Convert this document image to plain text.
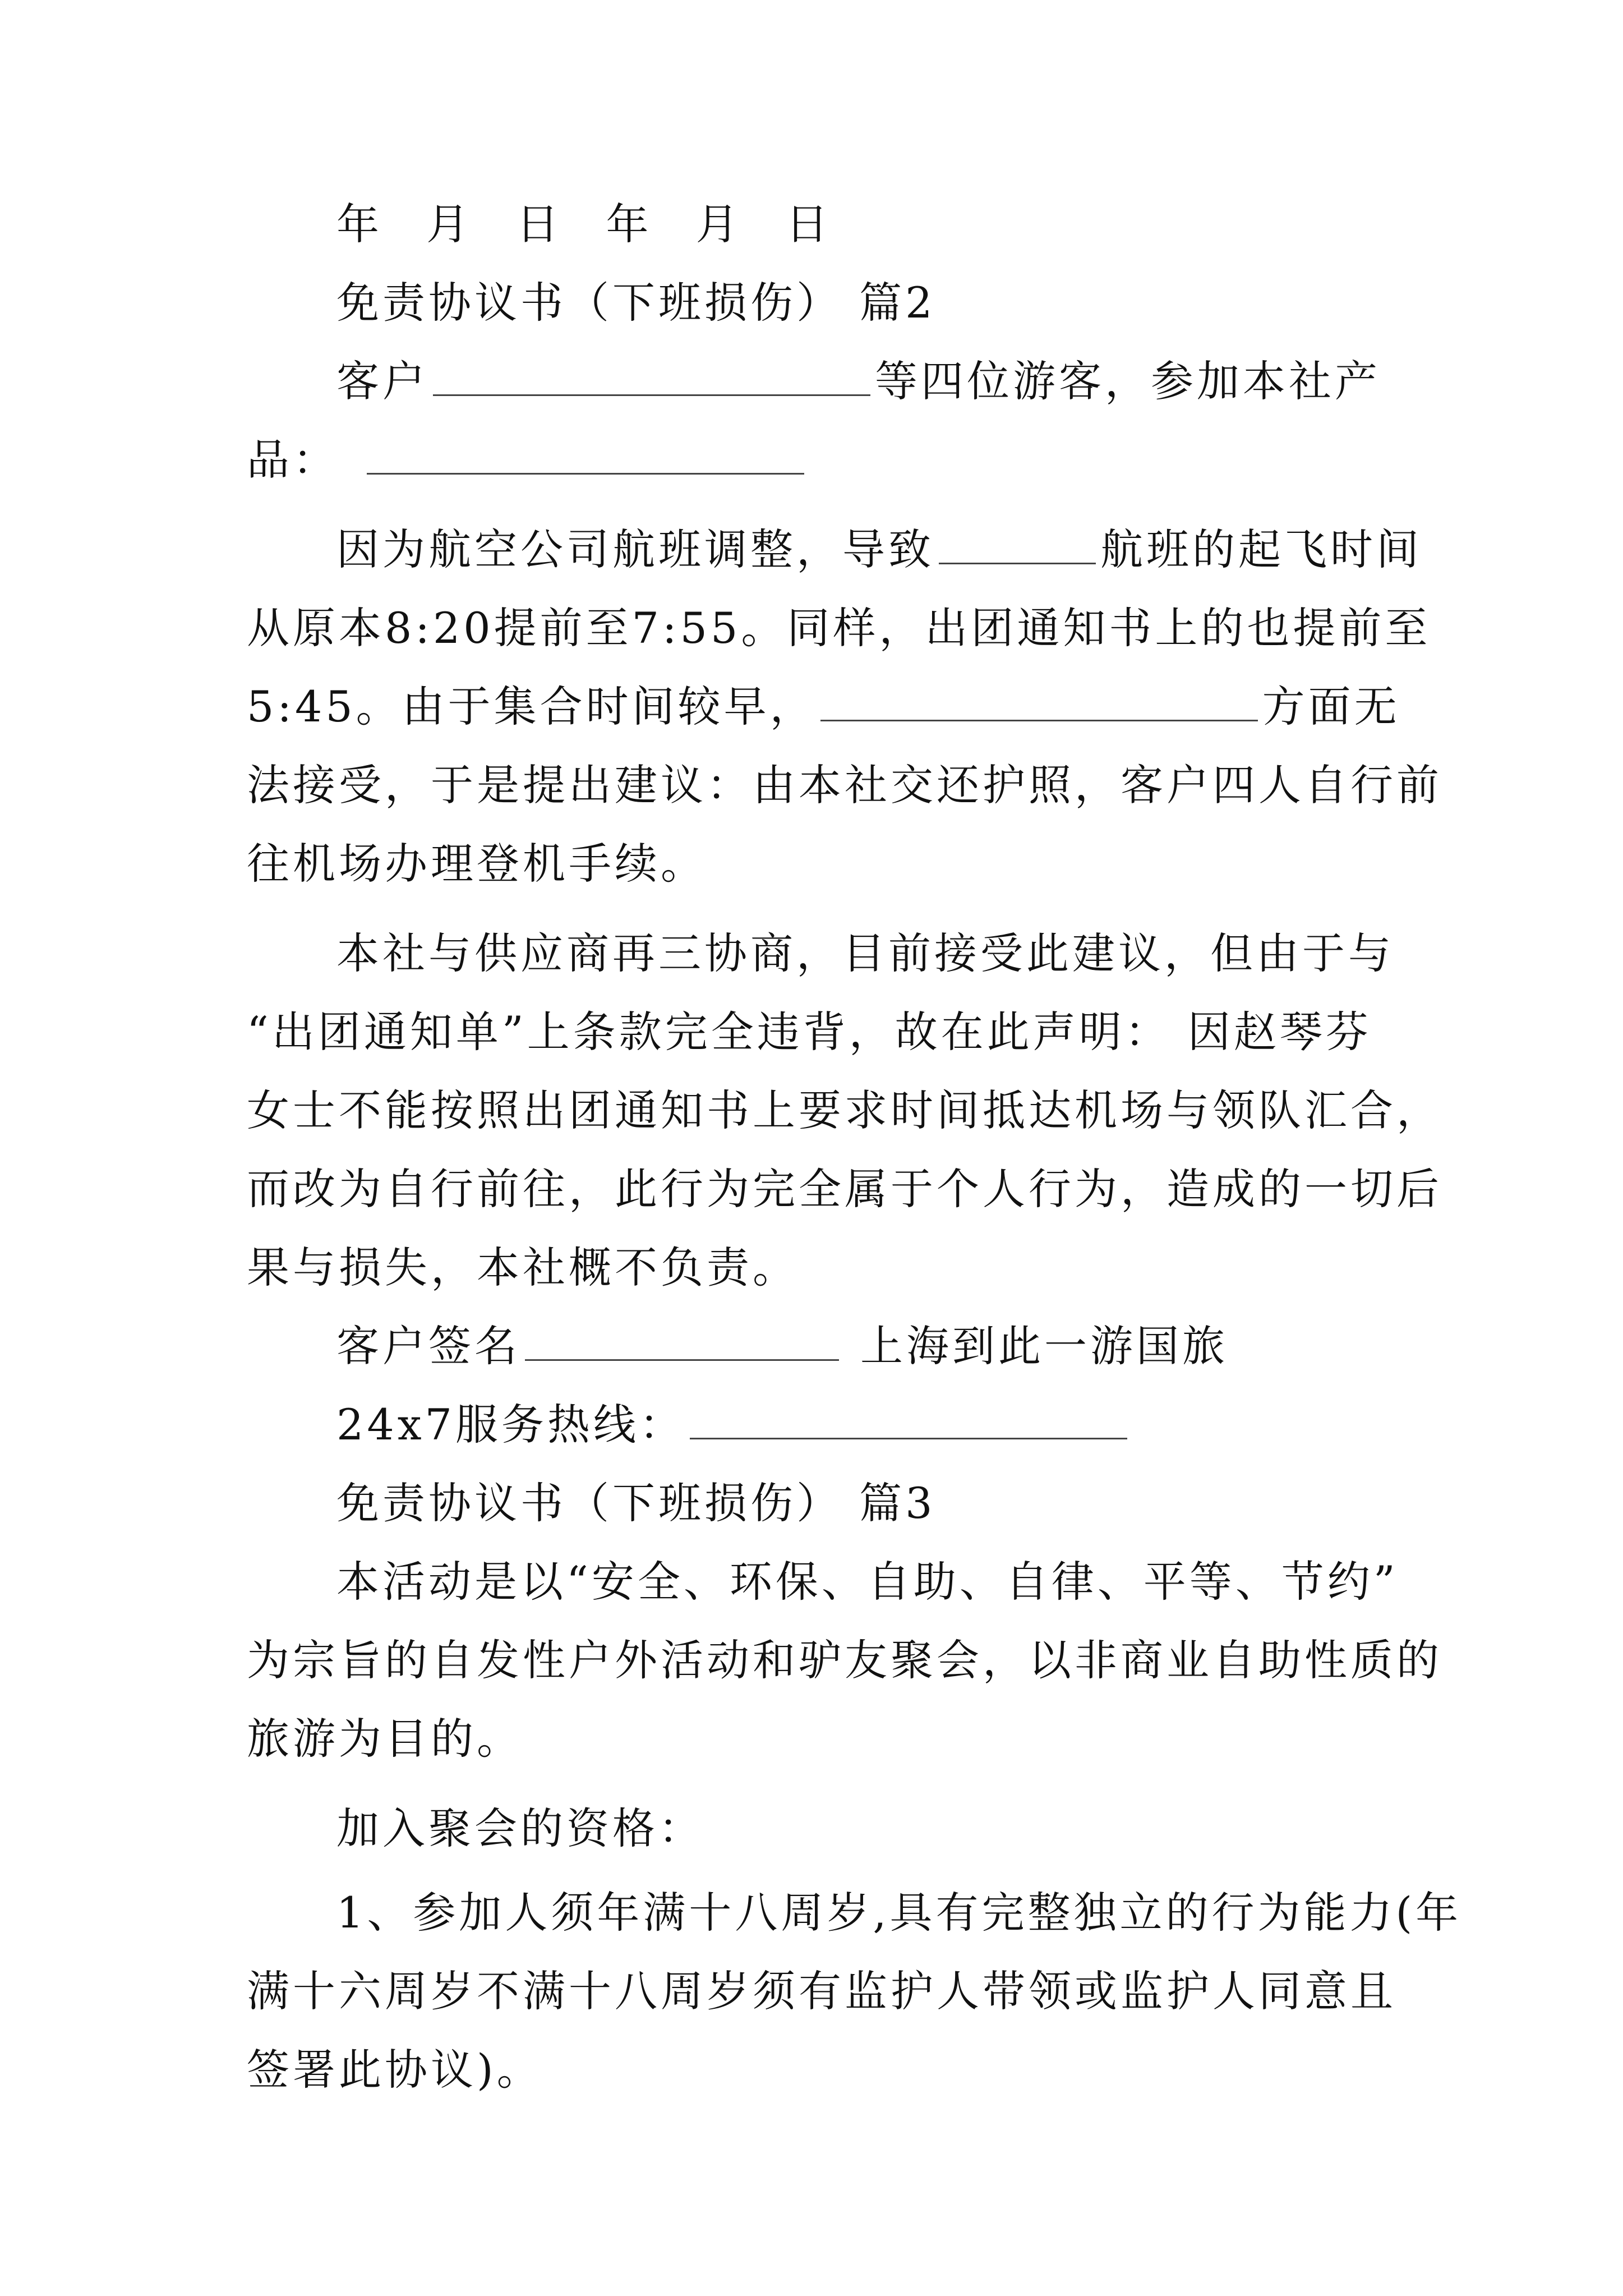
年 月 日 年 月 日
免责协议书（下班损伤） 篇2
客户	等四位游客，参加本社产
品：
因为航空公司航班调整，导致	航班的起飞时间
从原本8:20提前至7:55。同样，出团通知书上的也提前至
5:45。由于集合时间较早，	方面无
法接受，于是提出建议：由本社交还护照，客户四人自行前
往机场办理登机手续。
本社与供应商再三协商，目前接受此建议，但由于与
“出团通知单”上条款完全违背，故在此声明： 因赵琴芬
女士不能按照出团通知书上要求时间抵达机场与领队汇合，
而改为自行前往，此行为完全属于个人行为，造成的一切后
果与损失，本社概不负责。
客户签名	上海到此一游国旅
24x7服务热线：
免责协议书（下班损伤） 篇3
本活动是以“安全、环保、自助、自律、平等、节约”
为宗旨的自发性户外活动和驴友聚会，以非商业自助性质的
旅游为目的。
加入聚会的资格：
1、参加人须年满十八周岁,具有完整独立的行为能力(年
满十六周岁不满十八周岁须有监护人带领或监护人同意且
签署此协议)。
